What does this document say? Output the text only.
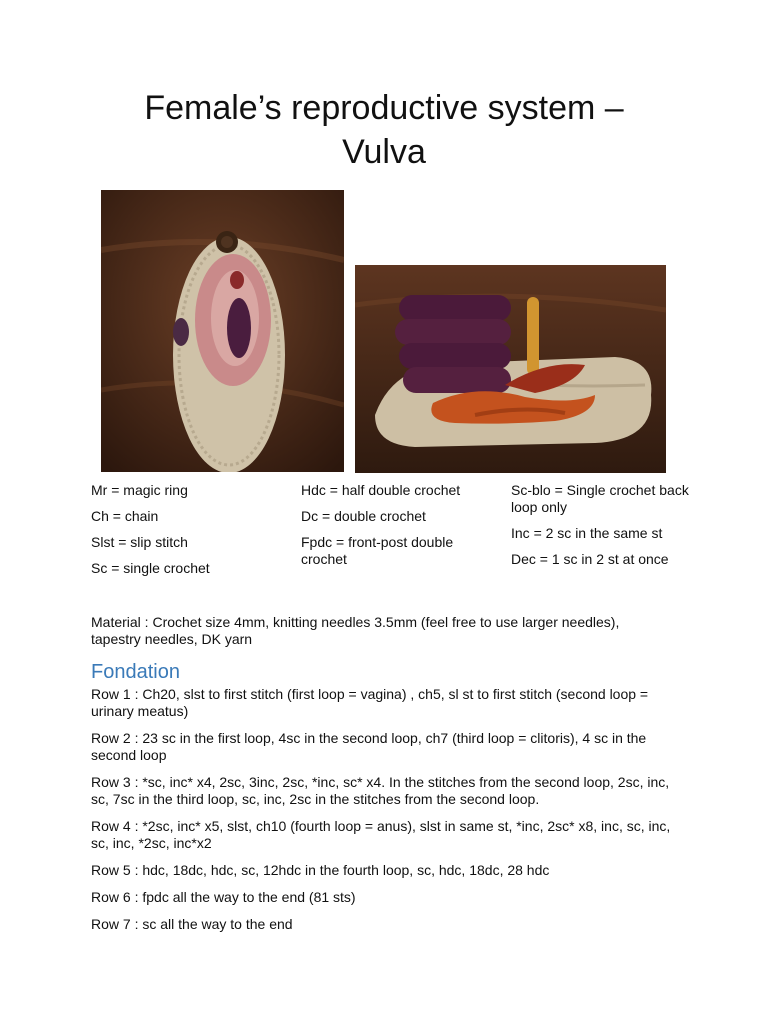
Female’s reproductive system –
Vulva
Mr = magic ring
Ch = chain
Slst = slip stitch
Sc = single crochet
Hdc = half double crochet
Dc = double crochet
Fpdc = front-post double crochet
Sc-blo = Single crochet back loop only
Inc = 2 sc in the same st
Dec = 1 sc in 2 st at once
Material : Crochet size 4mm, knitting needles 3.5mm (feel free to use larger needles), tapestry needles, DK yarn
Fondation

Row 1 : Ch20, slst to first stitch (first loop = vagina) , ch5, sl st to first stitch (second loop = urinary meatus)

Row 2 : 23 sc in the first loop, 4sc in the second loop, ch7 (third loop = clitoris), 4 sc in the second loop

Row 3 : *sc, inc* x4, 2sc, 3inc, 2sc, *inc, sc* x4. In the stitches from the second loop, 2sc, inc, sc, 7sc in the third loop, sc, inc, 2sc in the stitches from the second loop.

Row 4 : *2sc, inc* x5, slst, ch10 (fourth loop = anus), slst in same st, *inc, 2sc* x8, inc, sc, inc, sc, inc, *2sc, inc*x2

Row 5 : hdc, 18dc, hdc, sc, 12hdc in the fourth loop, sc, hdc, 18dc, 28 hdc

Row 6 : fpdc all the way to the end (81 sts)

Row 7 : sc all the way to the end
